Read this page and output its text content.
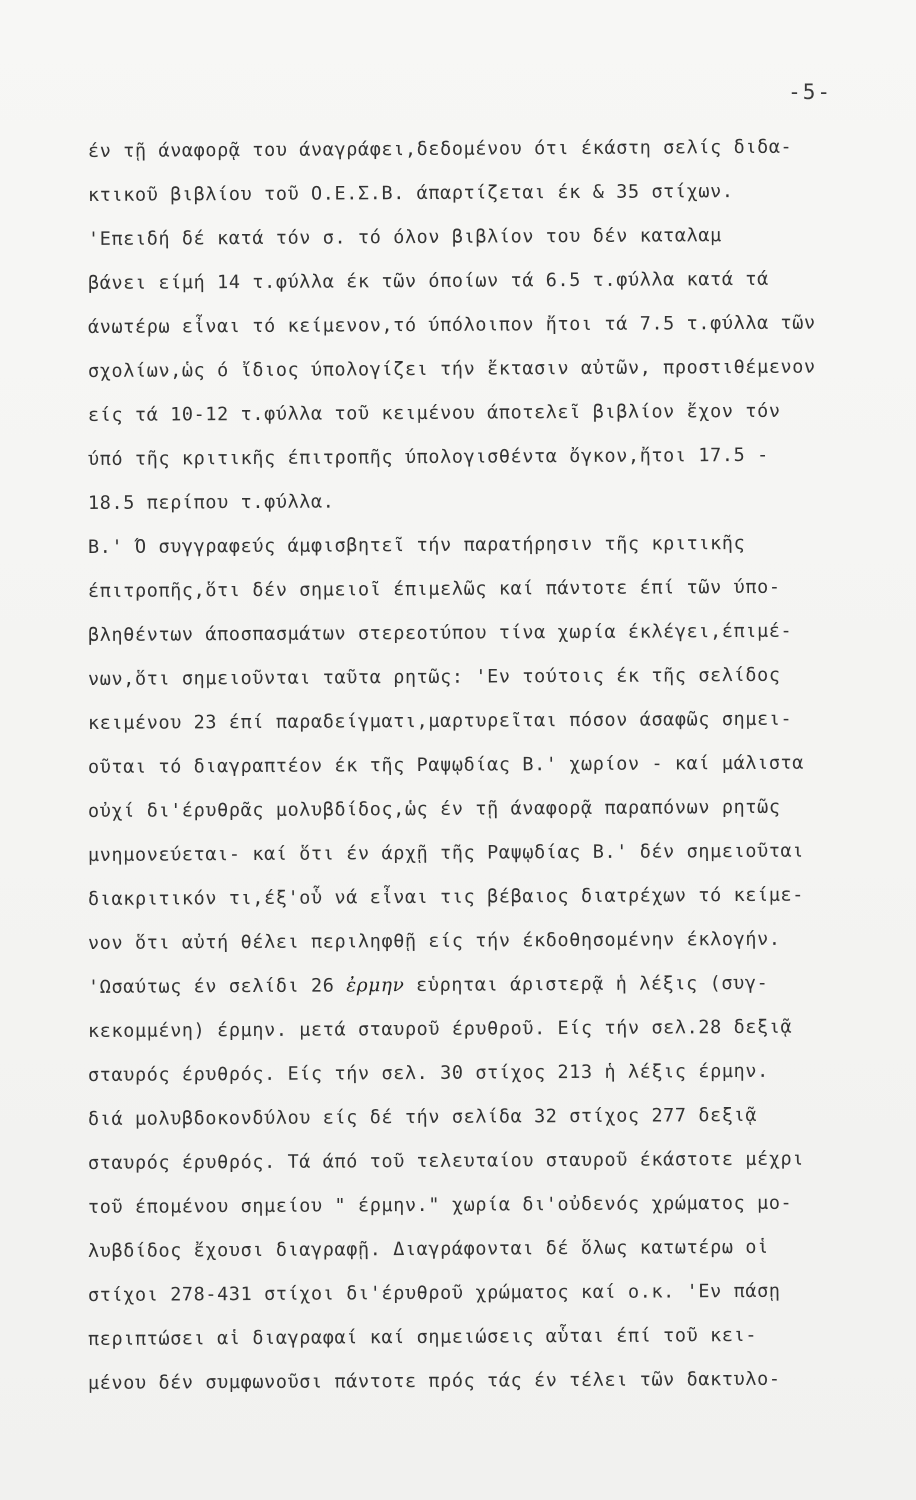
-5-
έν τῇ άναφορᾷ του άναγράφει,δεδομένου ότι έκάστη σελίς διδα-
κτικοῦ βιβλίου τοῦ Ο.Ε.Σ.Β. άπαρτίζεται έκ & 35 στίχων.
'Επειδή δέ κατά τόν σ. τό όλον βιβλίον του δέν καταλαμ
βάνει είμή 14 τ.φύλλα έκ τῶν όποίων τά 6.5 τ.φύλλα κατά τά
άνωτέρω εἶναι τό κείμενον,τό ύπόλοιπον ἤτοι τά 7.5 τ.φύλλα τῶν
σχολίων,ὡς ό ἴδιος ύπολογίζει τήν ἔκτασιν αὐτῶν, προστιθέμενον
είς τά 10-12 τ.φύλλα τοῦ κειμένου άποτελεῖ βιβλίον ἔχον τόν
ύπό τῆς κριτικῆς έπιτροπῆς ύπολογισθέντα ὄγκον,ἤτοι 17.5 -
18.5 περίπου τ.φύλλα.
Β.' Ό συγγραφεύς άμφισβητεῖ τήν παρατήρησιν τῆς κριτικῆς
έπιτροπῆς,ὅτι δέν σημειοῖ έπιμελῶς καί πάντοτε έπί τῶν ύπο-
βληθέντων άποσπασμάτων στερεοτύπου τίνα χωρία έκλέγει,έπιμέ-
νων,ὅτι σημειοῦνται ταῦτα ρητῶς: 'Εν τούτοις έκ τῆς σελίδος
κειμένου 23 έπί παραδείγματι,μαρτυρεῖται πόσον άσαφῶς σημει-
οῦται τό διαγραπτέον έκ τῆς Ραψῳδίας Β.' χωρίον - καί μάλιστα
οὐχί δι'έρυθρᾶς μολυβδίδος,ὡς έν τῇ άναφορᾷ παραπόνων ρητῶς
μνημονεύεται- καί ὅτι έν άρχῇ τῆς Ραψῳδίας Β.' δέν σημειοῦται
διακριτικόν τι,έξ'οὗ νά εἶναι τις βέβαιος διατρέχων τό κείμε-
νον ὅτι αὐτή θέλει περιληφθῇ είς τήν έκδοθησομένην έκλογήν.
'Ωσαύτως έν σελίδι 26 ἐρμην εὑρηται άριστερᾷ ἡ λέξις (συγ-
κεκομμένη) έρμην. μετά σταυροῦ έρυθροῦ. Είς τήν σελ.28 δεξιᾷ
σταυρός έρυθρός. Είς τήν σελ. 30 στίχος 213 ἡ λέξις έρμην.
διά μολυβδοκονδύλου είς δέ τήν σελίδα 32 στίχος 277 δεξιᾷ
σταυρός έρυθρός. Τά άπό τοῦ τελευταίου σταυροῦ έκάστοτε μέχρι
τοῦ έπομένου σημείου " έρμην." χωρία δι'οὐδενός χρώματος μο-
λυβδίδος ἔχουσι διαγραφῇ. Διαγράφονται δέ ὅλως κατωτέρω οἱ
στίχοι 278-431 στίχοι δι'έρυθροῦ χρώματος καί ο.κ. 'Εν πάσῃ
περιπτώσει αἱ διαγραφαί καί σημειώσεις αὗται έπί τοῦ κει-
μένου δέν συμφωνοῦσι πάντοτε πρός τάς έν τέλει τῶν δακτυλο-
